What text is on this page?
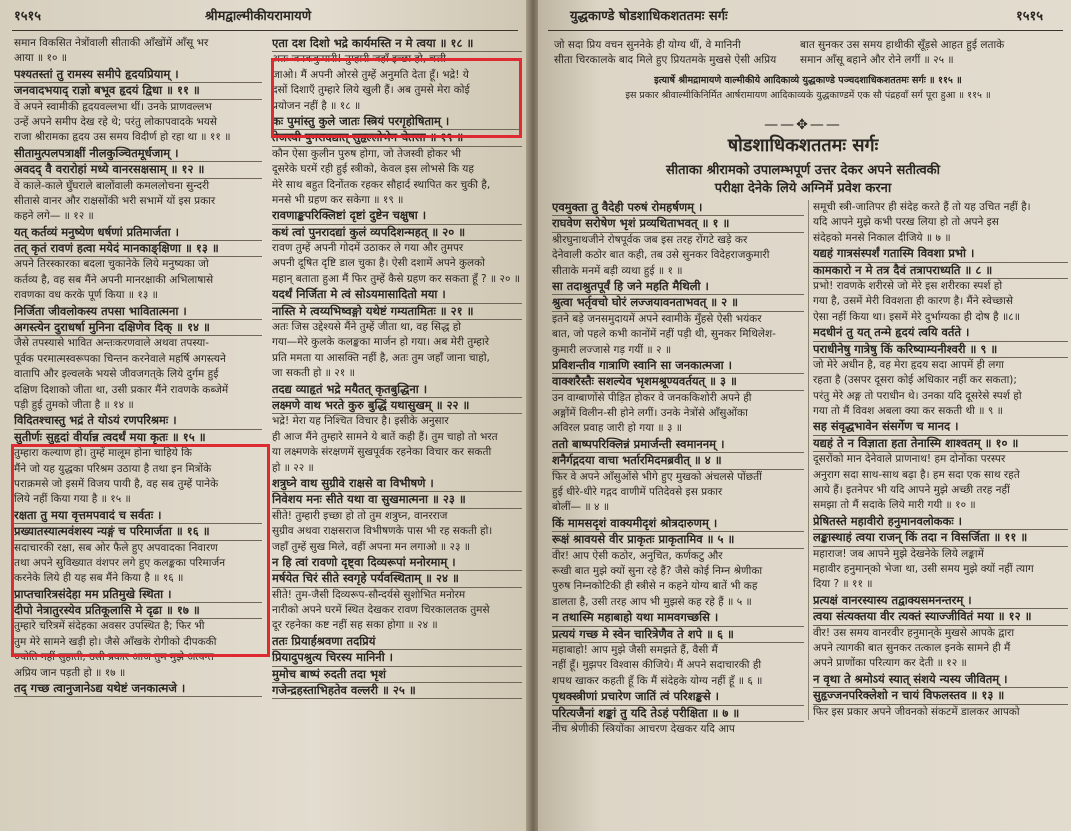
१५१५	श्रीमद्वाल्मीकीयरामायणे
समान विकसित नेत्रोंवाली सीताकी आँखोंमें आँसू भर
आया ॥ १० ॥
पश्यतस्तां तु रामस्य समीपे हृदयप्रियाम् ।
जनवादभयाद् राज्ञो बभूव हृदयं द्विधा ॥ ११ ॥
वे अपने स्वामीकी हृदयवल्लभा थीं। उनके प्राणवल्लभ
उन्हें अपने समीप देख रहे थे; परंतु लोकापवादके भयसे
राजा श्रीरामका हृदय उस समय विदीर्ण हो रहा था ॥ ११ ॥
सीतामुत्पलपत्राक्षीं नीलकुञ्चितमूर्धजाम् ।
अवदद् वै वरारोहां मध्ये वानरसक्षसाम् ॥ १२ ॥
वे काले-काले घुँघराले बालोंवाली कमललोचना सुन्दरी
सीतासे वानर और राक्षसोंकी भरी सभामें यों इस प्रकार
कहने लगे— ॥ १२ ॥
यत् कर्तव्यं मनुष्येण धर्षणां प्रतिमार्जता ।
तत् कृतं रावणं हत्वा मयेदं मानकाङ्क्षिणा ॥ १३ ॥
अपने तिरस्कारका बदला चुकानेके लिये मनुष्यका जो
कर्तव्य है, वह सब मैंने अपनी मानरक्षाकी अभिलाषासे
रावणका वध करके पूर्ण किया ॥ १३ ॥
निर्जिता जीवलोकस्य तपसा भावितात्मना ।
अगस्त्येन दुराधर्षा मुनिना दक्षिणेव दिक् ॥ १४ ॥
जैसे तपस्यासे भावित अन्तःकरणवाले अथवा तपस्या-
पूर्वक परमात्मस्वरूपका चिन्तन करनेवाले महर्षि अगस्त्यने
वातापि और इल्वलके भयसे जीवजगत्‌के लिये दुर्गम हुई
दक्षिण दिशाको जीता था, उसी प्रकार मैंने रावणके कब्जेमें
पड़ी हुई तुमको जीता है ॥ १४ ॥
विदितश्चास्तु भद्रं ते योऽयं रणपरिश्रमः ।
सुतीर्णः सुहृदां वीर्यान्न त्वदर्थं मया कृतः ॥ १५ ॥
तुम्हारा कल्याण हो। तुम्हें मालूम होना चाहिये कि
मैंने जो यह युद्धका परिश्रम उठाया है तथा इन मित्रोंके
पराक्रमसे जो इसमें विजय पायी है, वह सब तुम्हें पानेके
लिये नहीं किया गया है ॥ १५ ॥
रक्षता तु मया वृत्तमपवादं च सर्वतः ।
प्रख्यातस्यात्मवंशस्य न्यङ्गं च परिमार्जता ॥ १६ ॥
सदाचारकी रक्षा, सब ओर फैले हुए अपवादका निवारण
तथा अपने सुविख्यात वंशपर लगे हुए कलङ्कका परिमार्जन
करनेके लिये ही यह सब मैंने किया है ॥ १६ ॥
प्राप्तचारित्रसंदेहा मम प्रतिमुखे स्थिता ।
दीपो नेत्रातुरस्येव प्रतिकूलासि मे दृढा ॥ १७ ॥
तुम्हारे चरित्रमें संदेहका अवसर उपस्थित है; फिर भी
तुम मेरे सामने खड़ी हो। जैसे आँखके रोगीको दीपककी
ज्योति नहीं सुहाती, उसी प्रकार आज तुम मुझे अत्यन्त
अप्रिय जान पड़ती हो ॥ १७ ॥
तद् गच्छ त्वानुजानेऽद्य यथेष्टं जनकात्मजे ।
एता दश दिशो भद्रे कार्यमस्ति न मे त्वया ॥ १८ ॥
अतः जनककुमारी! तुम्हारी जहाँ इच्छा हो, चली
जाओ। मैं अपनी ओरसे तुम्हें अनुमति देता हूँ। भद्रे! ये
दसों दिशाएँ तुम्हारे लिये खुली हैं। अब तुमसे मेरा कोई
प्रयोजन नहीं है ॥ १८ ॥
कः पुमांस्तु कुले जातः स्त्रियं परगृहोषिताम् ।
तेजस्वी पुनरादद्यात् सुहृल्लोभेन चेतसा ॥ १९ ॥
कौन ऐसा कुलीन पुरुष होगा, जो तेजस्वी होकर भी
दूसरेके घरमें रही हुई स्त्रीको, केवल इस लोभसे कि यह
मेरे साथ बहुत दिनोंतक रहकर सौहार्द स्थापित कर चुकी है,
मनसे भी ग्रहण कर सकेगा ॥ १९ ॥
रावणाङ्कपरिक्लिष्टां दृष्टां दुष्टेन चक्षुषा ।
कथं त्वां पुनरादद्यां कुलं व्यपदिशन्महत् ॥ २० ॥
रावण तुम्हें अपनी गोदमें उठाकर ले गया और तुमपर
अपनी दूषित दृष्टि डाल चुका है। ऐसी दशामें अपने कुलको
महान् बताता हुआ मैं फिर तुम्हें कैसे ग्रहण कर सकता हूँ ? ॥ २० ॥
यदर्थं निर्जिता मे त्वं सोऽयमासादितो मया ।
नास्ति मे त्वय्यभिष्वङ्गो यथेष्टं गम्यतामितः ॥ २१ ॥
अतः जिस उद्देश्यसे मैंने तुम्हें जीता था, वह सिद्ध हो
गया—मेरे कुलके कलङ्कका मार्जन हो गया। अब मेरी तुम्हारे
प्रति ममता या आसक्ति नहीं है, अतः तुम जहाँ जाना चाहो,
जा सकती हो ॥ २१ ॥
तदद्य व्याहृतं भद्रे मयैतत् कृतबुद्धिना ।
लक्ष्मणे वाथ भरते कुरु बुद्धिं यथासुखम् ॥ २२ ॥
भद्रे! मेरा यह निश्चित विचार है। इसीके अनुसार
ही आज मैंने तुम्हारे सामने ये बातें कही हैं। तुम चाहो तो भरत
या लक्ष्मणके संरक्षणमें सुखपूर्वक रहनेका विचार कर सकती
हो ॥ २२ ॥
शत्रुघ्ने वाथ सुग्रीवे राक्षसे वा विभीषणे ।
निवेशय मनः सीते यथा वा सुखमात्मना ॥ २३ ॥
सीते! तुम्हारी इच्छा हो तो तुम शत्रुघ्न, वानरराज
सुग्रीव अथवा राक्षसराज विभीषणके पास भी रह सकती हो।
जहाँ तुम्हें सुख मिले, वहीं अपना मन लगाओ ॥ २३ ॥
न हि त्वां रावणो दृष्ट्वा दिव्यरूपां मनोरमाम् ।
मर्षयेत चिरं सीते स्वगृहे पर्यवस्थिताम् ॥ २४ ॥
सीते! तुम-जैसी दिव्यरूप-सौन्दर्यसे सुशोभित मनोरम
नारीको अपने घरमें स्थित देखकर रावण चिरकालतक तुमसे
दूर रहनेका कष्ट नहीं सह सका होगा ॥ २४ ॥
ततः प्रियार्हश्रवणा तदप्रियं
प्रियादुपश्रुत्य चिरस्य मानिनी ।
मुमोच बाष्पं रुदती तदा भृशं
गजेन्द्रहस्ताभिहतेव वल्लरी ॥ २५ ॥
युद्धकाण्डे षोडशाधिकशततमः सर्गः	१५१५
जो सदा प्रिय वचन सुननेके ही योग्य थीं, वे मानिनी
सीता चिरकालके बाद मिले हुए प्रियतमके मुखसे ऐसी अप्रिय
बात सुनकर उस समय हाथीकी सूँड़से आहत हुई लताके
समान आँसू बहाने और रोने लगीं ॥ २५ ॥
इत्यार्षे श्रीमद्रामायणे वाल्मीकीये आदिकाव्ये युद्धकाण्डे पञ्चदशाधिकशततमः सर्गः ॥ ११५ ॥
इस प्रकार श्रीवाल्मीकिनिर्मित आर्षरामायण आदिकाव्यके युद्धकाण्डमें एक सौ पंद्रहवाँ सर्ग पूरा हुआ ॥ ११५ ॥
——✥——
षोडशाधिकशततमः सर्गः
सीताका श्रीरामको उपालम्भपूर्ण उत्तर देकर अपने सतीत्वकी
परीक्षा देनेके लिये अग्निमें प्रवेश करना
एवमुक्ता तु वैदेही परुषं रोमहर्षणम् ।
राघवेण सरोषेण भृशं प्रव्यथिताभवत् ॥ १ ॥
श्रीरघुनाथजीने रोषपूर्वक जब इस तरह रोंगटे खड़े कर
देनेवाली कठोर बात कही, तब उसे सुनकर विदेहराजकुमारी
सीताके मनमें बड़ी व्यथा हुई ॥ १ ॥
सा तदाश्रुतपूर्वं हि जने महति मैथिली ।
श्रुत्वा भर्तृवचो घोरं लज्जयावनताभवत् ॥ २ ॥
इतने बड़े जनसमुदायमें अपने स्वामीके मुँहसे ऐसी भयंकर
बात, जो पहले कभी कानोंमें नहीं पड़ी थी, सुनकर मिथिलेश-
कुमारी लज्जासे गड़ गयीं ॥ २ ॥
प्रविशन्तीव गात्राणि स्वानि सा जनकात्मजा ।
वाक्शरैस्तैः सशल्येव भृशमश्रूण्यवर्तयत् ॥ ३ ॥
उन वाग्बाणोंसे पीड़ित होकर वे जनककिशोरी अपने ही
अङ्गोंमें विलीन-सी होने लगीं। उनके नेत्रोंसे आँसुओंका
अविरल प्रवाह जारी हो गया ॥ ३ ॥
ततो बाष्पपरिक्लिन्नं प्रमार्जन्ती स्वमाननम् ।
शनैर्गद्गदया वाचा भर्तारमिदमब्रवीत् ॥ ४ ॥
फिर वे अपने आँसुओंसे भीगे हुए मुखको अंचलसे पोंछतीं
हुई धीरे-धीरे गद्गद वाणीमें पतिदेवसे इस प्रकार
बोलीं— ॥ ४ ॥
किं मामसदृशं वाक्यमीदृशं श्रोत्रदारुणम् ।
रूक्षं श्रावयसे वीर प्राकृतः प्राकृतामिव ॥ ५ ॥
वीर! आप ऐसी कठोर, अनुचित, कर्णकटु और
रूखी बात मुझे क्यों सुना रहे हैं? जैसे कोई निम्न श्रेणीका
पुरुष निम्नकोटिकी ही स्त्रीसे न कहने योग्य बातें भी कह
डालता है, उसी तरह आप भी मुझसे कह रहे हैं ॥ ५ ॥
न तथास्मि महाबाहो यथा मामवगच्छसि ।
प्रत्ययं गच्छ मे स्वेन चारित्रेणैव ते शपे ॥ ६ ॥
महाबाहो! आप मुझे जैसी समझते हैं, वैसी मैं
नहीं हूँ। मुझपर विश्वास कीजिये। मैं अपने सदाचारकी ही
शपथ खाकर कहती हूँ कि मैं संदेहके योग्य नहीं हूँ ॥ ६ ॥
पृथक्स्त्रीणां प्रचारेण जातिं त्वं परिशङ्कसे ।
परित्यजैनां शङ्कां तु यदि तेऽहं परीक्षिता ॥ ७ ॥
नीच श्रेणीकी स्त्रियोंका आचरण देखकर यदि आप
समूची स्त्री-जातिपर ही संदेह करते हैं तो यह उचित नहीं है।
यदि आपने मुझे कभी परख लिया हो तो अपने इस
संदेहको मनसे निकाल दीजिये ॥ ७ ॥
यद्यहं गात्रसंस्पर्शं गतास्मि विवशा प्रभो ।
कामकारो न मे तत्र दैवं तत्रापराध्यति ॥ ८ ॥
प्रभो! रावणके शरीरसे जो मेरे इस शरीरका स्पर्श हो
गया है, उसमें मेरी विवशता ही कारण है। मैंने स्वेच्छासे
ऐसा नहीं किया था। इसमें मेरे दुर्भाग्यका ही दोष है ॥८॥
मदधीनं तु यत् तन्मे हृदयं त्वयि वर्तते ।
पराधीनेषु गात्रेषु किं करिष्याम्यनीश्वरी ॥ ९ ॥
जो मेरे अधीन है, वह मेरा हृदय सदा आपमें ही लगा
रहता है (उसपर दूसरा कोई अधिकार नहीं कर सकता);
परंतु मेरे अङ्ग तो पराधीन थे। उनका यदि दूसरेसे स्पर्श हो
गया तो मैं विवश अबला क्या कर सकती थी ॥ ९ ॥
सह संवृद्धभावेन संसर्गेण च मानद ।
यद्यहं ते न विज्ञाता हता तेनास्मि शाश्वतम् ॥ १० ॥
दूसरोंको मान देनेवाले प्राणनाथ! हम दोनोंका परस्पर
अनुराग सदा साथ-साथ बढ़ा है। हम सदा एक साथ रहते
आये हैं। इतनेपर भी यदि आपने मुझे अच्छी तरह नहीं
समझा तो मैं सदाके लिये मारी गयी ॥ १० ॥
प्रेषितस्ते महावीरो हनुमानवलोककः ।
लङ्कास्थाहं त्वया राजन् किं तदा न विसर्जिता ॥ ११ ॥
महाराज! जब आपने मुझे देखनेके लिये लङ्कामें
महावीर हनुमान्‌को भेजा था, उसी समय मुझे क्यों नहीं त्याग
दिया ? ॥ ११ ॥
प्रत्यक्षं वानरस्यास्य तद्वाक्यसमनन्तरम् ।
त्वया संत्यक्तया वीर त्यक्तं स्याज्जीवितं मया ॥ १२ ॥
वीर! उस समय वानरवीर हनुमान्‌के मुखसे आपके द्वारा
अपने त्यागकी बात सुनकर तत्काल इनके सामने ही मैं
अपने प्राणोंका परित्याग कर देती ॥ १२ ॥
न वृथा ते श्रमोऽयं स्यात् संशये न्यस्य जीवितम् ।
सुहृज्जनपरिक्लेशो न चायं विफलस्तव ॥ १३ ॥
फिर इस प्रकार अपने जीवनको संकटमें डालकर आपको
